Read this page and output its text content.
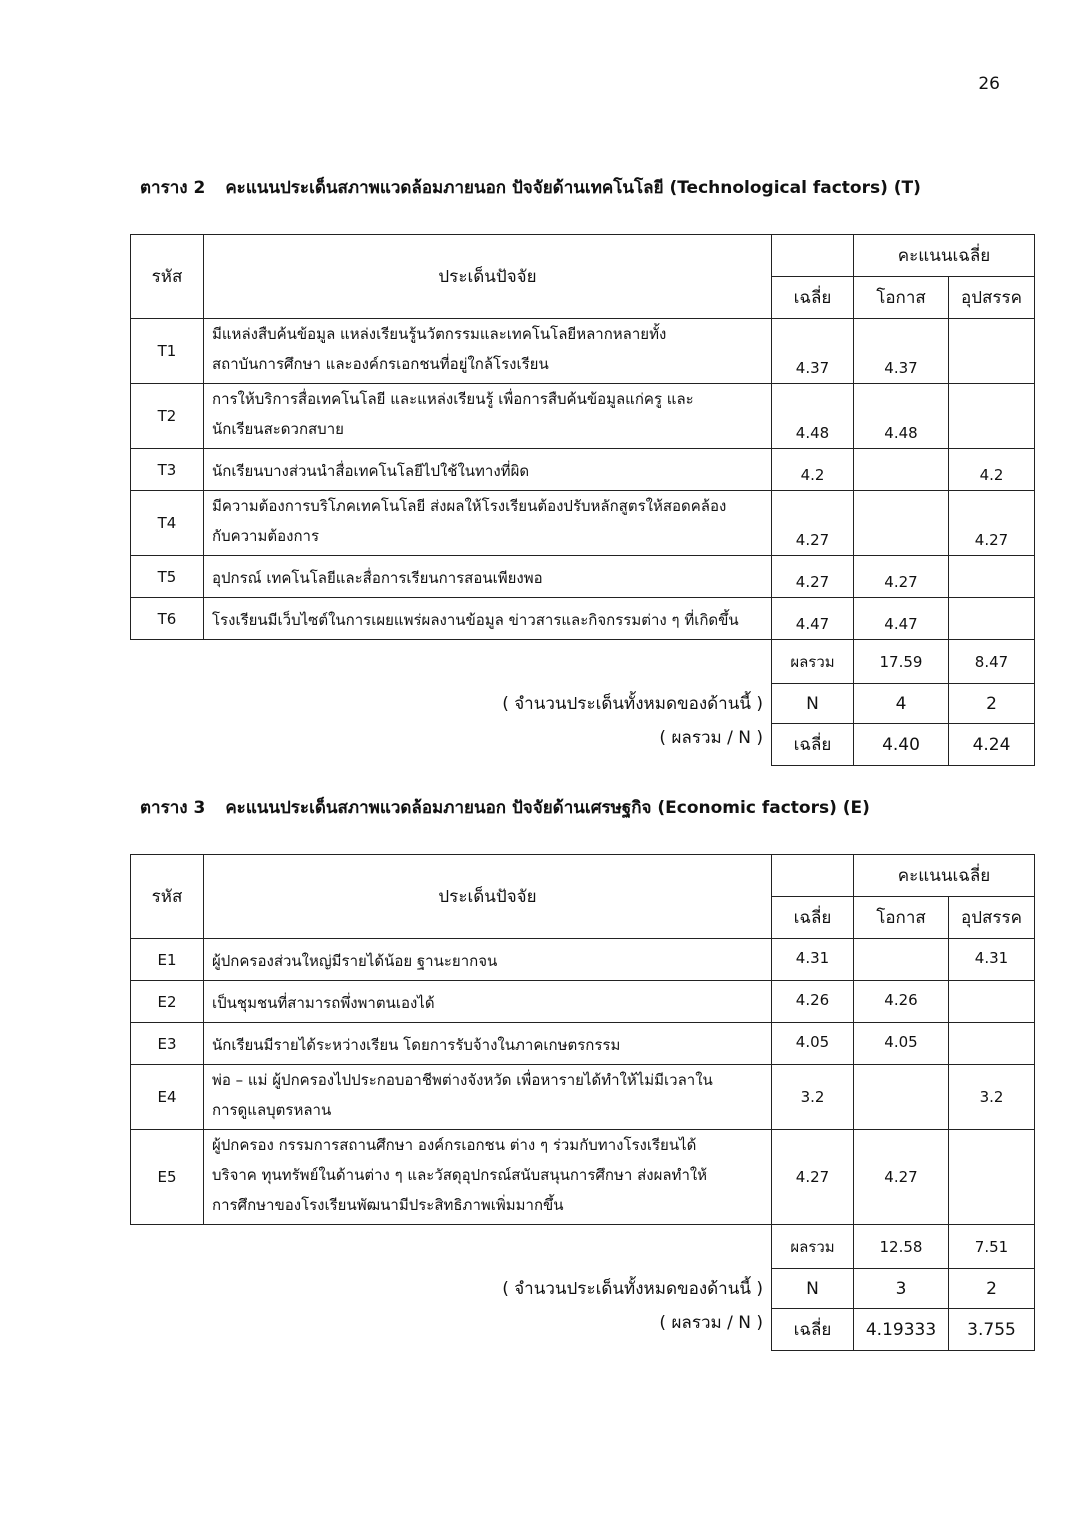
26
ตาราง 2 คะแนนประเด็นสภาพแวดล้อมภายนอก ปัจจัยด้านเทคโนโลยี (Technological factors) (T)
รหัส	ประเด็นปัจจัย		คะแนนเฉลี่ย	
		เฉลี่ย	โอกาส	อุปสรรค
T1	มีแหล่งสืบค้นข้อมูล แหล่งเรียนรู้นวัตกรรมและเทคโนโลยีหลากหลายทั้ง
สถาบันการศึกษา และองค์กรเอกชนที่อยู่ใกล้โรงเรียน	4.37	4.37	
T2	การให้บริการสื่อเทคโนโลยี และแหล่งเรียนรู้ เพื่อการสืบค้นข้อมูลแก่ครู และ
นักเรียนสะดวกสบาย	4.48	4.48	
T3	นักเรียนบางส่วนนำสื่อเทคโนโลยีไปใช้ในทางที่ผิด	4.2		4.2
T4	มีความต้องการบริโภคเทคโนโลยี ส่งผลให้โรงเรียนต้องปรับหลักสูตรให้สอดคล้อง
กับความต้องการ	4.27		4.27
T5	อุปกรณ์ เทคโนโลยีและสื่อการเรียนการสอนเพียงพอ	4.27	4.27	
T6	โรงเรียนมีเว็บไซต์ในการเผยแพร่ผลงานข้อมูล ข่าวสารและกิจกรรมต่าง ๆ ที่เกิดขึ้น	4.47	4.47	
		ผลรวม	17.59	8.47
	( จำนวนประเด็นทั้งหมดของด้านนี้ )	N	4	2
	( ผลรวม / N )	เฉลี่ย	4.40	4.24
ตาราง 3 คะแนนประเด็นสภาพแวดล้อมภายนอก ปัจจัยด้านเศรษฐกิจ (Economic factors) (E)
รหัส	ประเด็นปัจจัย		คะแนนเฉลี่ย	
		เฉลี่ย	โอกาส	อุปสรรค
E1	ผู้ปกครองส่วนใหญ่มีรายได้น้อย ฐานะยากจน	4.31		4.31
E2	เป็นชุมชนที่สามารถพึ่งพาตนเองได้	4.26	4.26	
E3	นักเรียนมีรายได้ระหว่างเรียน โดยการรับจ้างในภาคเกษตรกรรม	4.05	4.05	
E4	พ่อ – แม่ ผู้ปกครองไปประกอบอาชีพต่างจังหวัด เพื่อหารายได้ทำให้ไม่มีเวลาใน
การดูแลบุตรหลาน	3.2		3.2
E5	ผู้ปกครอง กรรมการสถานศึกษา องค์กรเอกชน ต่าง ๆ ร่วมกับทางโรงเรียนได้
บริจาค ทุนทรัพย์ในด้านต่าง ๆ และวัสดุอุปกรณ์สนับสนุนการศึกษา ส่งผลทำให้
การศึกษาของโรงเรียนพัฒนามีประสิทธิภาพเพิ่มมากขึ้น	4.27	4.27	
		ผลรวม	12.58	7.51
	( จำนวนประเด็นทั้งหมดของด้านนี้ )	N	3	2
	( ผลรวม / N )	เฉลี่ย	4.19333	3.755
